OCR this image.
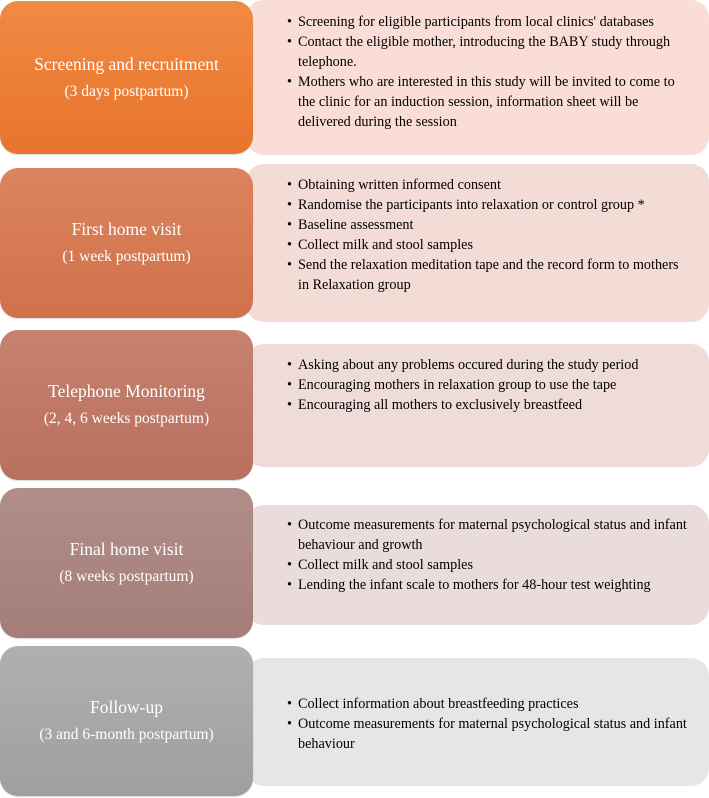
Screening and recruitment
(3 days postpartum)
• Screening for eligible participants from local clinics' databases
• Contact the eligible mother, introducing the BABY study through telephone.
• Mothers who are interested in this study will be invited to come to the clinic for an induction session, information sheet will be delivered during the session
First home visit
(1 week postpartum)
• Obtaining written informed consent
• Randomise the participants into relaxation or control group *
• Baseline assessment
• Collect milk and stool samples
• Send the relaxation meditation tape and the record form to mothers in Relaxation group
Telephone Monitoring
(2, 4, 6 weeks postpartum)
• Asking about any problems occured during the study period
• Encouraging mothers in relaxation group to use the tape
• Encouraging all mothers to exclusively breastfeed
Final home visit
(8 weeks postpartum)
• Outcome measurements for maternal psychological status and infant behaviour and growth
• Collect milk and stool samples
• Lending the infant scale to mothers for 48-hour test weighting
Follow-up
(3 and 6-month postpartum)
• Collect information about breastfeeding practices
• Outcome measurements for maternal psychological status and infant behaviour
